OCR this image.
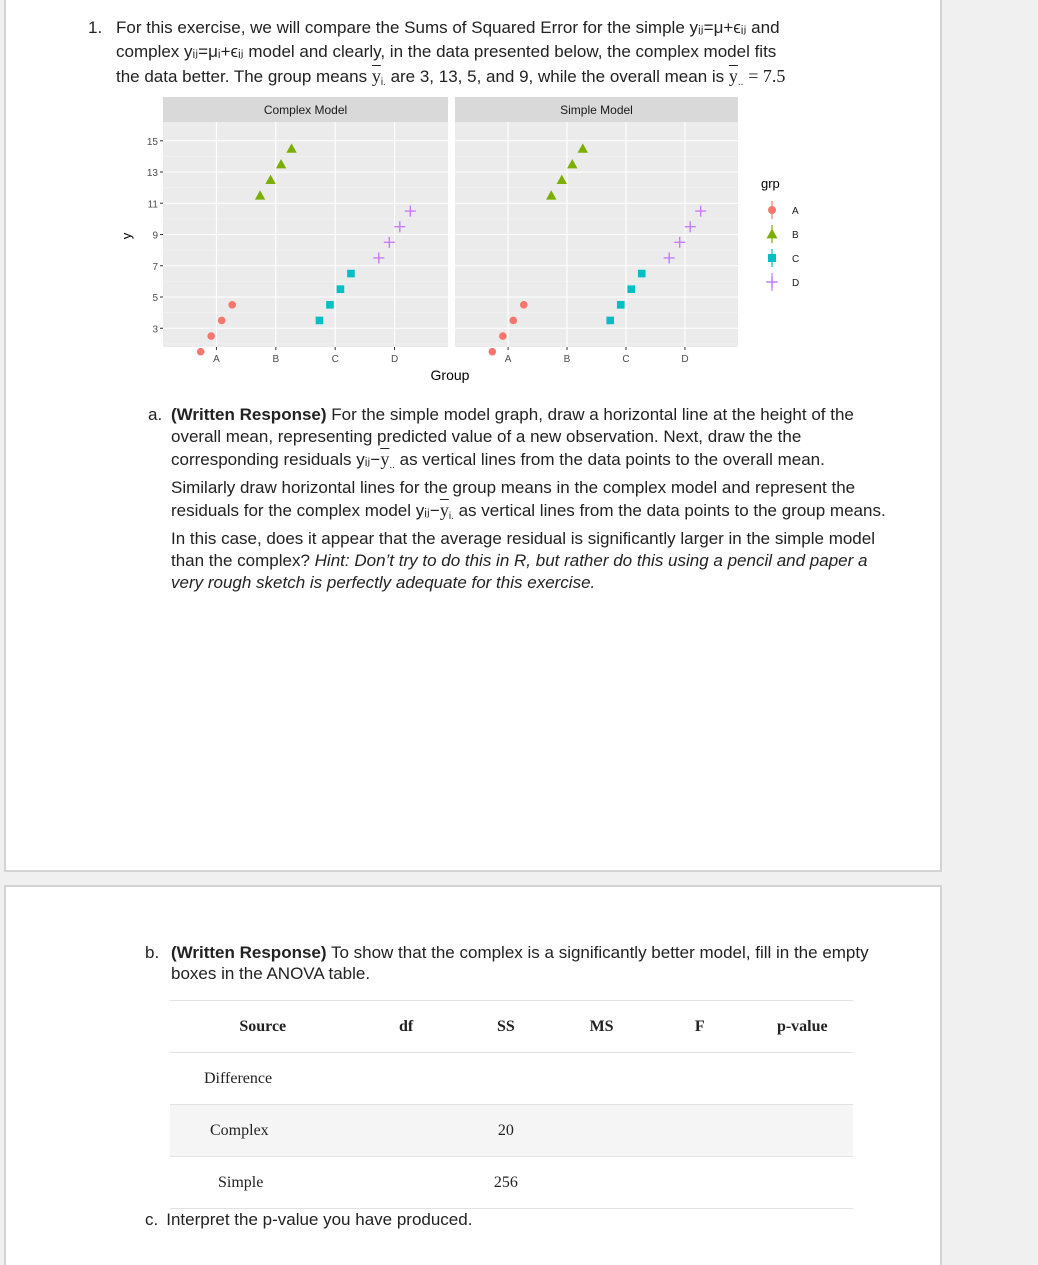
1. For this exercise, we will compare the Sums of Squared Error for the simple yᵢⱼ=μ+ϵᵢⱼ and
complex yᵢⱼ=μᵢ+ϵᵢⱼ model and clearly, in the data presented below, the complex model fits
the data better. The group means $\overline{y}_{i.}$ are 3, 13, 5, and 9, while the overall mean is $\overline{y}_{..} = 7.5$
Complex Model	Simple Model
15
13
11
9
7
5
3
A	B	C	D	A	B	C	D
Group
y
grp
A
B
C
D
a. (Written Response) For the simple model graph, draw a horizontal line at the height of the overall mean, representing predicted value of a new observation. Next, draw the the corresponding residuals $yᵢⱼ-\overline{y}_{..}$ as vertical lines from the data points to the overall mean. Similarly draw horizontal lines for the group means in the complex model and represent the residuals for the complex model $yᵢⱼ-\overline{y}_{i.}$ as vertical lines from the data points to the group means. In this case, does it appear that the average residual is significantly larger in the simple model than the complex? Hint: Don’t try to do this in R, but rather do this using a pencil and paper a very rough sketch is perfectly adequate for this exercise.
b. (Written Response) To show that the complex is a significantly better model, fill in the empty boxes in the ANOVA table.
Source	df	SS	MS	F	p-value
Difference					
Complex		20			
Simple		256			
c. Interpret the p-value you have produced.
